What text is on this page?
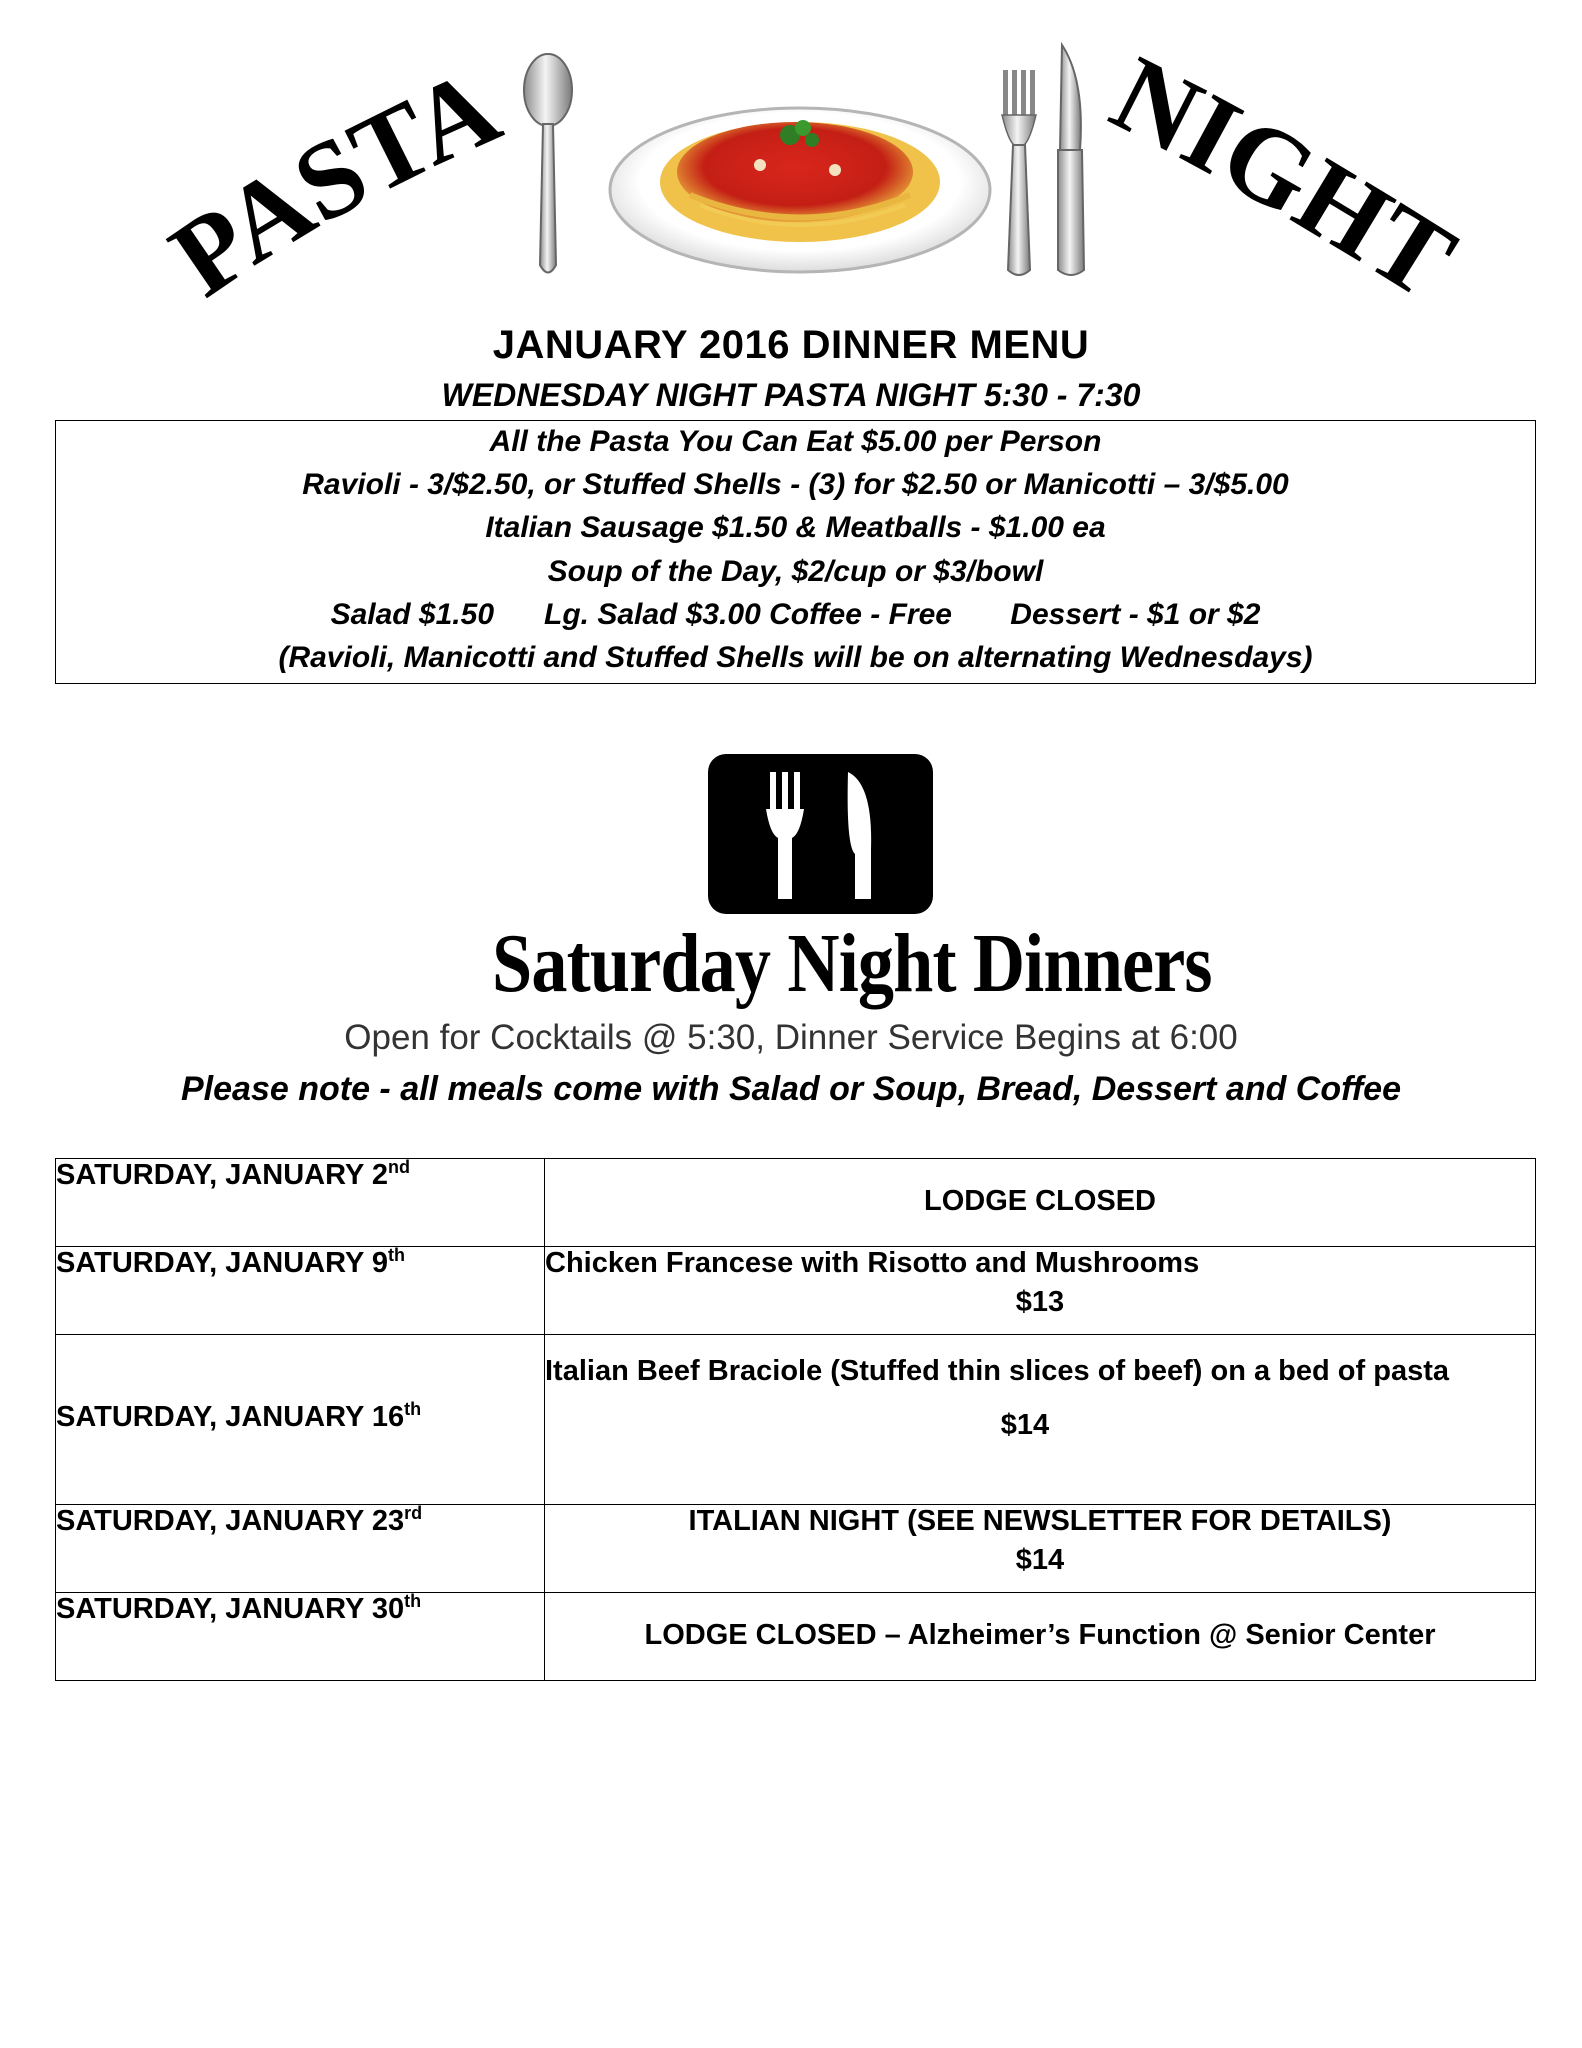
PASTA	NIGHT
JANUARY 2016 DINNER MENU
WEDNESDAY NIGHT PASTA NIGHT 5:30 - 7:30
All the Pasta You Can Eat $5.00 per Person
Ravioli - 3/$2.50, or Stuffed Shells - (3) for $2.50 or Manicotti – 3/$5.00
Italian Sausage $1.50 & Meatballs - $1.00 ea
Soup of the Day, $2/cup or $3/bowl
Salad $1.50      Lg. Salad $3.00 Coffee - Free       Dessert - $1 or $2
(Ravioli, Manicotti and Stuffed Shells will be on alternating Wednesdays)
Saturday Night Dinners
Open for Cocktails @ 5:30, Dinner Service Begins at 6:00
Please note - all meals come with Salad or Soup, Bread, Dessert and Coffee
SATURDAY, JANUARY 2nd	LODGE CLOSED

SATURDAY, JANUARY 9th	Chicken Francese with Risotto and Mushrooms
$13

SATURDAY, JANUARY 16th	Italian Beef Braciole (Stuffed thin slices of beef) on a bed of pasta
$14

SATURDAY, JANUARY 23rd	ITALIAN NIGHT (SEE NEWSLETTER FOR DETAILS)
$14

SATURDAY, JANUARY 30th	LODGE CLOSED – Alzheimer’s Function @ Senior Center
